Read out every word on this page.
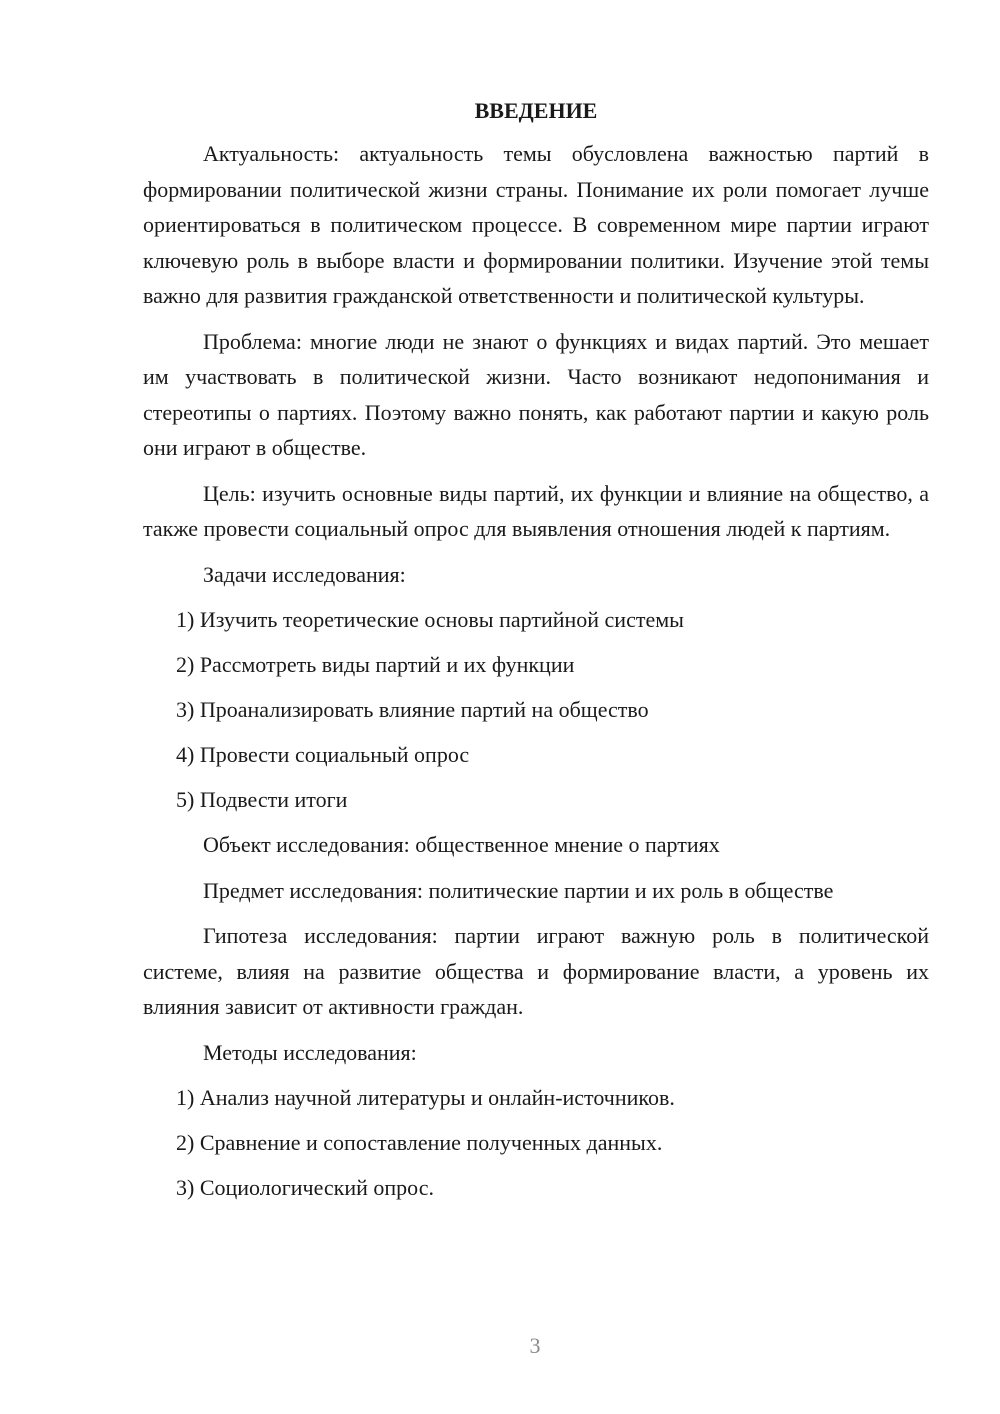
ВВЕДЕНИЕ

Актуальность: актуальность темы обусловлена важностью партий в формировании политической жизни страны. Понимание их роли помогает лучше ориентироваться в политическом процессе. В современном мире партии играют ключевую роль в выборе власти и формировании политики. Изучение этой темы важно для развития гражданской ответственности и политической культуры.

Проблема: многие люди не знают о функциях и видах партий. Это мешает им участвовать в политической жизни. Часто возникают недопонимания и стереотипы о партиях. Поэтому важно понять, как работают партии и какую роль они играют в обществе.

Цель: изучить основные виды партий, их функции и влияние на общество, а также провести социальный опрос для выявления отношения людей к партиям.

Задачи исследования:

1) Изучить теоретические основы партийной системы

2) Рассмотреть виды партий и их функции

3) Проанализировать влияние партий на общество

4) Провести социальный опрос

5) Подвести итоги

Объект исследования: общественное мнение о партиях

Предмет исследования: политические партии и их роль в обществе

Гипотеза исследования: партии играют важную роль в политической системе, влияя на развитие общества и формирование власти, а уровень их влияния зависит от активности граждан.

Методы исследования:

1) Анализ научной литературы и онлайн-источников.

2) Сравнение и сопоставление полученных данных.

3) Социологический опрос.

3
